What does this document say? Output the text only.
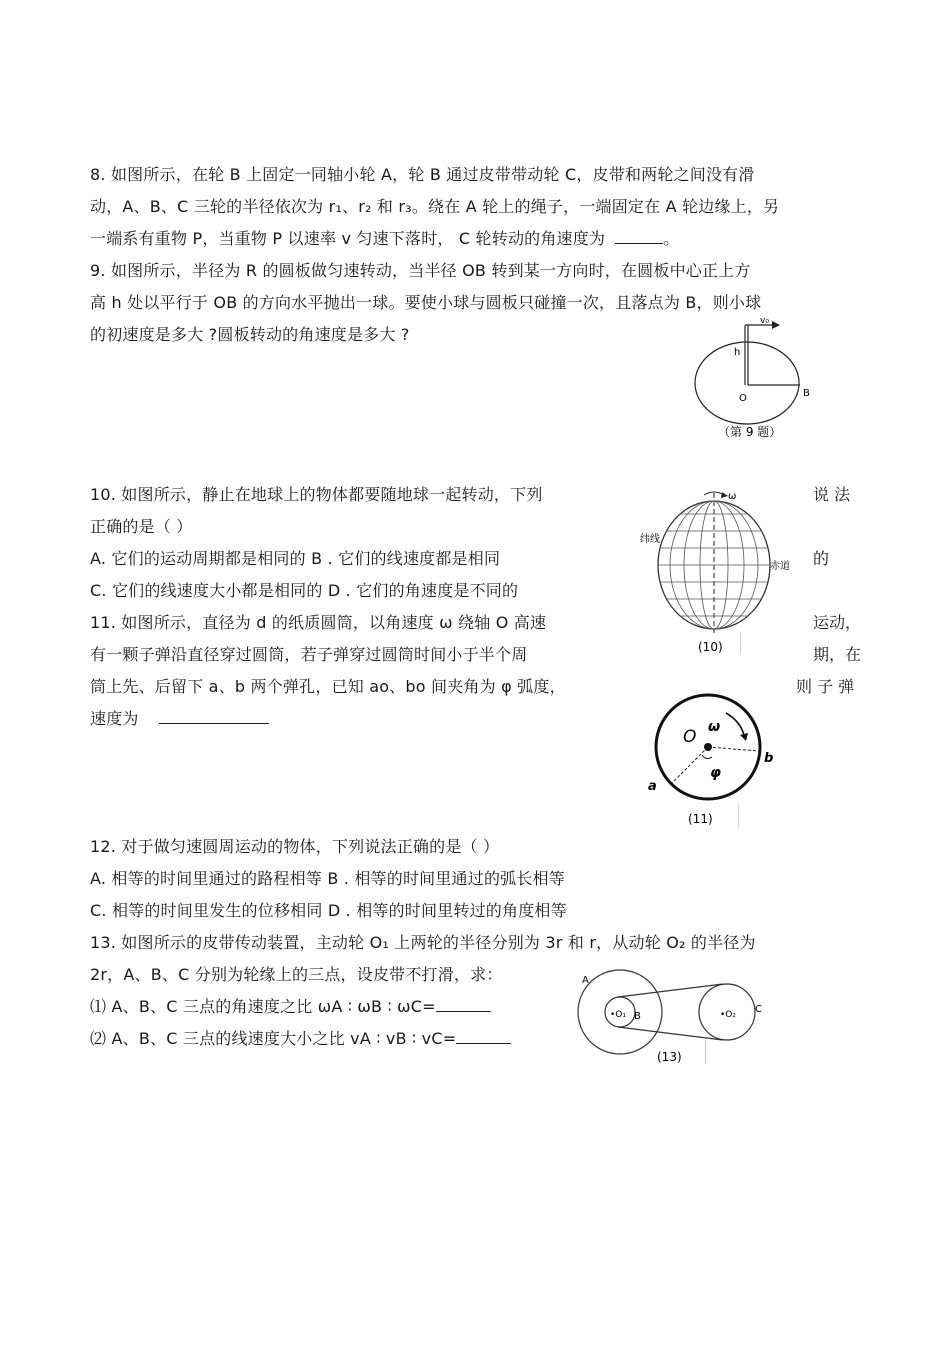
8. 如图所示，在轮 B 上固定一同轴小轮 A，轮 B 通过皮带带动轮 C，皮带和两轮之间没有滑
动，A、B、C 三轮的半径依次为 r₁、r₂ 和 r₃。绕在 A 轮上的绳子，一端固定在 A 轮边缘上，另
一端系有重物 P，当重物 P 以速率 v 匀速下落时， C 轮转动的角速度为	。
9. 如图所示，半径为 R 的圆板做匀速转动，当半径 OB 转到某一方向时，在圆板中心正上方
高 h 处以平行于 OB 的方向水平抛出一球。要使小球与圆板只碰撞一次，且落点为 B，则小球
的初速度是多大 ?圆板转动的角速度是多大 ?
v₀
h
O	B
（第 9 题）
10. 如图所示，静止在地球上的物体都要随地球一起转动，下列	说 法
正确的是（ ）
A. 它们的运动周期都是相同的 B . 它们的线速度都是相同	的
C. 它们的线速度大小都是相同的 D . 它们的角速度是不同的
ω
纬线
赤道
(10)
11. 如图所示，直径为 d 的纸质圆筒，以角速度 ω 绕轴 O 高速	运动，
有一颗子弹沿直径穿过圆筒，若子弹穿过圆筒时间小于半个周	期，在
筒上先、后留下 a、b 两个弹孔，已知 ao、bo 间夹角为 φ 弧度，	则 子 弹
速度为
O ω
φ
a
b
(11)
12. 对于做匀速圆周运动的物体，下列说法正确的是（ ）
A. 相等的时间里通过的路程相等 B . 相等的时间里通过的弧长相等
C. 相等的时间里发生的位移相同 D . 相等的时间里转过的角度相等
13. 如图所示的皮带传动装置，主动轮 O₁ 上两轮的半径分别为 3r 和 r，从动轮 O₂ 的半径为
2r，A、B、C 分别为轮缘上的三点，设皮带不打滑，求：
⑴ A、B、C 三点的角速度之比 ωA ∶ ωB ∶ ωC=
⑵ A、B、C 三点的线速度大小之比 vA ∶ vB ∶ vC=
A
•O₁ B	•O₂ C
(13)
